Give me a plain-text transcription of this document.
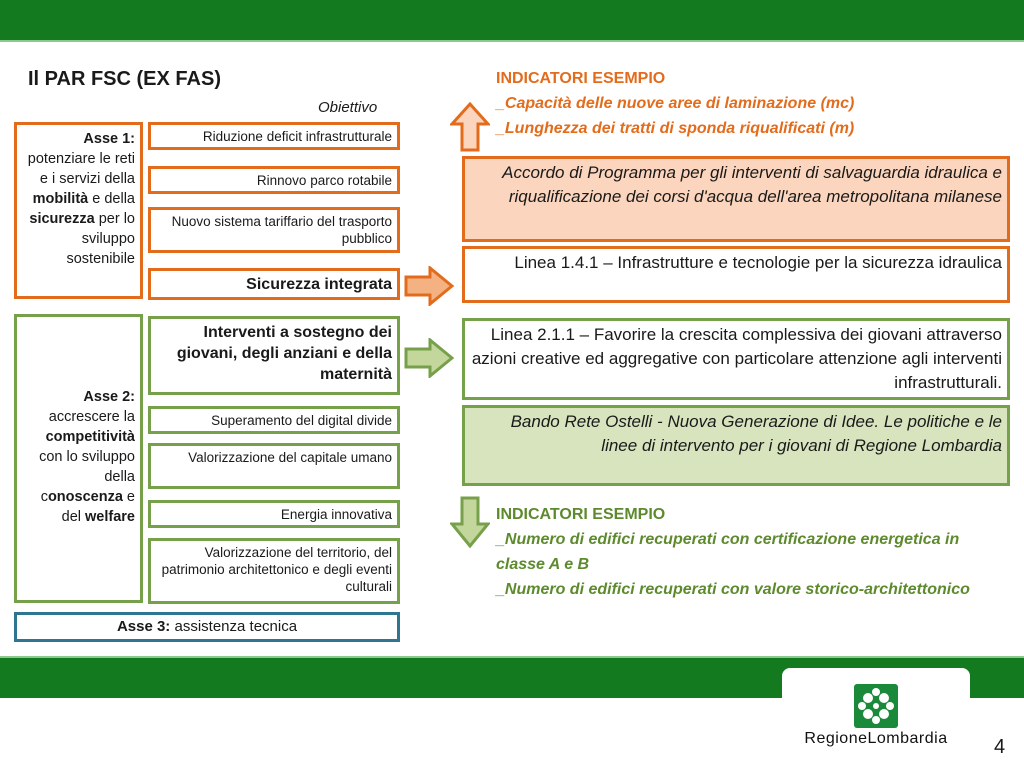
Il PAR FSC (EX FAS)
Obiettivo
Asse 1: potenziare le reti e i servizi della mobilità e della sicurezza per lo sviluppo sostenibile
Asse 2: accrescere la competitività con lo sviluppo della conoscenza e del welfare
Asse 3: assistenza tecnica
Riduzione deficit infrastrutturale
Rinnovo parco rotabile
Nuovo sistema tariffario del trasporto pubblico
Sicurezza integrata
Interventi a sostegno dei giovani, degli anziani e della maternità
Superamento del digital divide
Valorizzazione del capitale umano
Energia innovativa
Valorizzazione del territorio, del patrimonio architettonico e degli eventi culturali
INDICATORI ESEMPIO
_Capacità delle nuove aree di laminazione (mc)
_Lunghezza dei tratti di sponda riqualificati (m)
INDICATORI ESEMPIO
_Numero di edifici recuperati con certificazione energetica in classe A e B
_Numero di edifici recuperati con valore storico-architettonico
Accordo di Programma per gli interventi di salvaguardia idraulica e riqualificazione dei corsi d'acqua dell'area metropolitana milanese
Linea 1.4.1 – Infrastrutture e tecnologie per la sicurezza idraulica
Linea 2.1.1 – Favorire la crescita complessiva dei giovani attraverso azioni creative ed aggregative con particolare attenzione agli interventi infrastrutturali.
Bando Rete Ostelli - Nuova Generazione di Idee. Le politiche e le linee di intervento per i giovani di Regione Lombardia
RegioneLombardia	4
